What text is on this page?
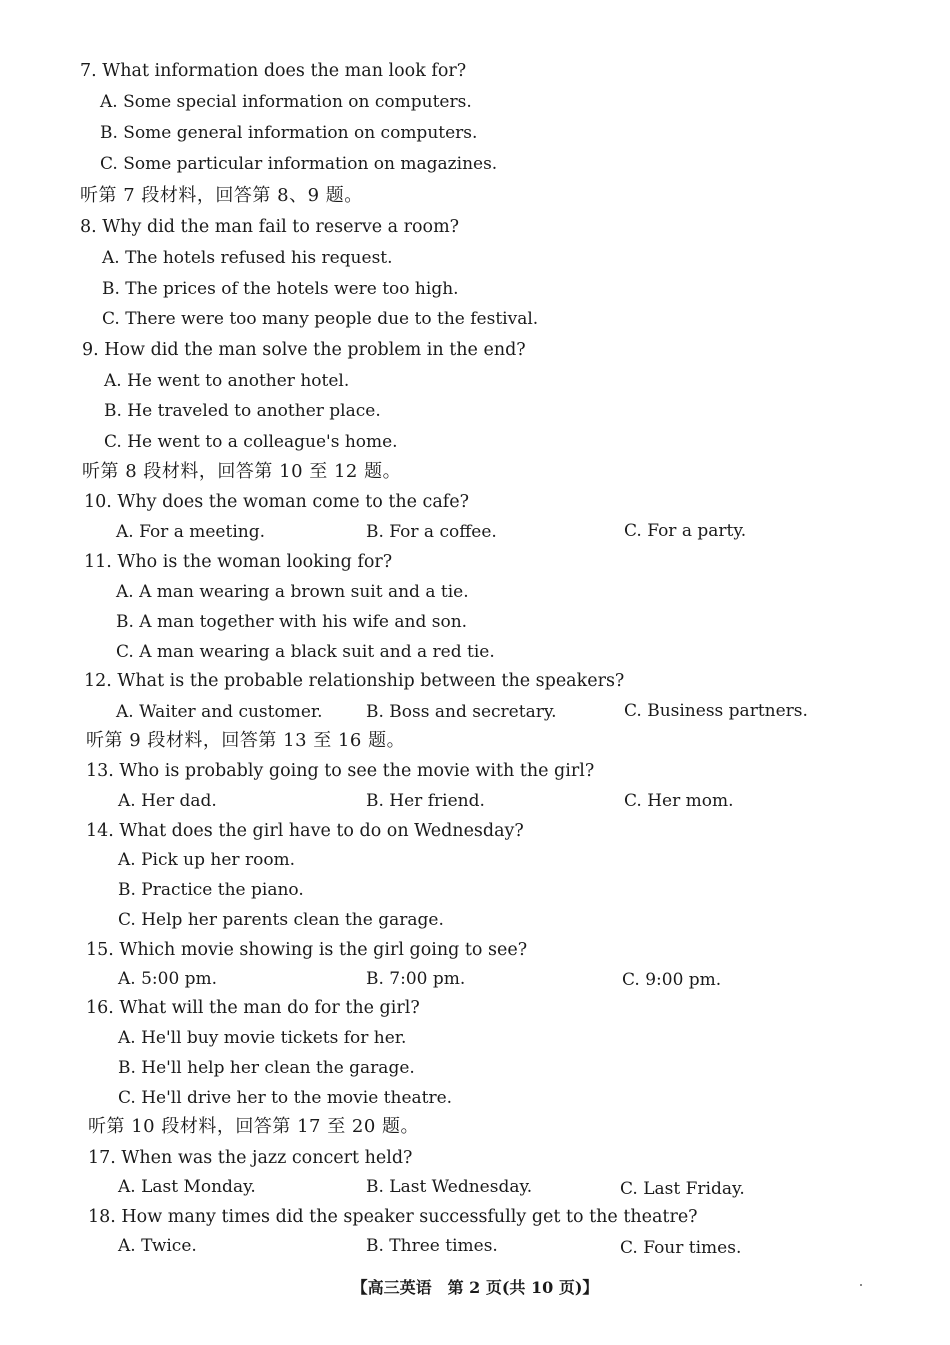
7. What information does the man look for?
A. Some special information on computers.
B. Some general information on computers.
C. Some particular information on magazines.
听第 7 段材料，回答第 8、9 题。
8. Why did the man fail to reserve a room?
A. The hotels refused his request.
B. The prices of the hotels were too high.
C. There were too many people due to the festival.
9. How did the man solve the problem in the end?
A. He went to another hotel.
B. He traveled to another place.
C. He went to a colleague's home.
听第 8 段材料，回答第 10 至 12 题。
10. Why does the woman come to the cafe?
A. For a meeting.	B. For a coffee.	C. For a party.
11. Who is the woman looking for?
A. A man wearing a brown suit and a tie.
B. A man together with his wife and son.
C. A man wearing a black suit and a red tie.
12. What is the probable relationship between the speakers?
A. Waiter and customer.	B. Boss and secretary.	C. Business partners.
听第 9 段材料，回答第 13 至 16 题。
13. Who is probably going to see the movie with the girl?
A. Her dad.	B. Her friend.	C. Her mom.
14. What does the girl have to do on Wednesday?
A. Pick up her room.
B. Practice the piano.
C. Help her parents clean the garage.
15. Which movie showing is the girl going to see?
A. 5:00 pm.	B. 7:00 pm.	C. 9:00 pm.
16. What will the man do for the girl?
A. He'll buy movie tickets for her.
B. He'll help her clean the garage.
C. He'll drive her to the movie theatre.
听第 10 段材料，回答第 17 至 20 题。
17. When was the jazz concert held?
A. Last Monday.	B. Last Wednesday.	C. Last Friday.
18. How many times did the speaker successfully get to the theatre?
A. Twice.	B. Three times.	C. Four times.
【高三英语　第 2 页(共 10 页)】
